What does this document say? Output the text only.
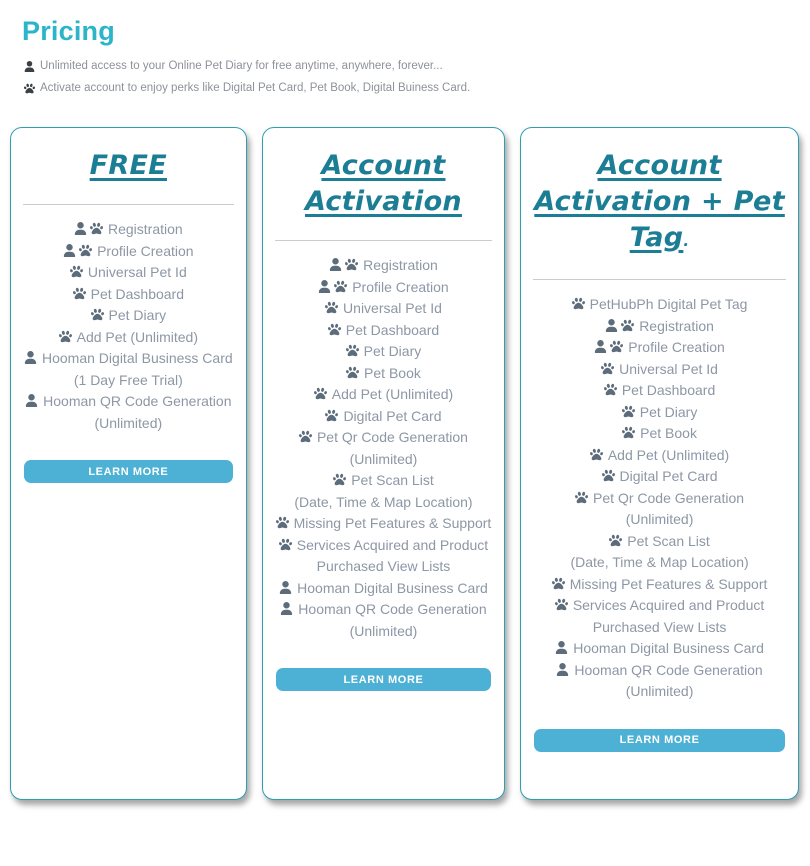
Pricing
Unlimited access to your Online Pet Diary for free anytime, anywhere, forever...
Activate account to enjoy perks like Digital Pet Card, Pet Book, Digital Buiness Card.
FREE
Registration
Profile Creation
Universal Pet Id
Pet Dashboard
Pet Diary
Add Pet (Unlimited)
Hooman Digital Business Card
(1 Day Free Trial)
Hooman QR Code Generation
(Unlimited)
LEARN MORE
Account
Activation
Registration
Profile Creation
Universal Pet Id
Pet Dashboard
Pet Diary
Pet Book
Add Pet (Unlimited)
Digital Pet Card
Pet Qr Code Generation
(Unlimited)
Pet Scan List
(Date, Time & Map Location)
Missing Pet Features & Support
Services Acquired and Product
Purchased View Lists
Hooman Digital Business Card
Hooman QR Code Generation
(Unlimited)
LEARN MORE
Account
Activation + Pet
Tag.
PetHubPh Digital Pet Tag
Registration
Profile Creation
Universal Pet Id
Pet Dashboard
Pet Diary
Pet Book
Add Pet (Unlimited)
Digital Pet Card
Pet Qr Code Generation
(Unlimited)
Pet Scan List
(Date, Time & Map Location)
Missing Pet Features & Support
Services Acquired and Product
Purchased View Lists
Hooman Digital Business Card
Hooman QR Code Generation
(Unlimited)
LEARN MORE
